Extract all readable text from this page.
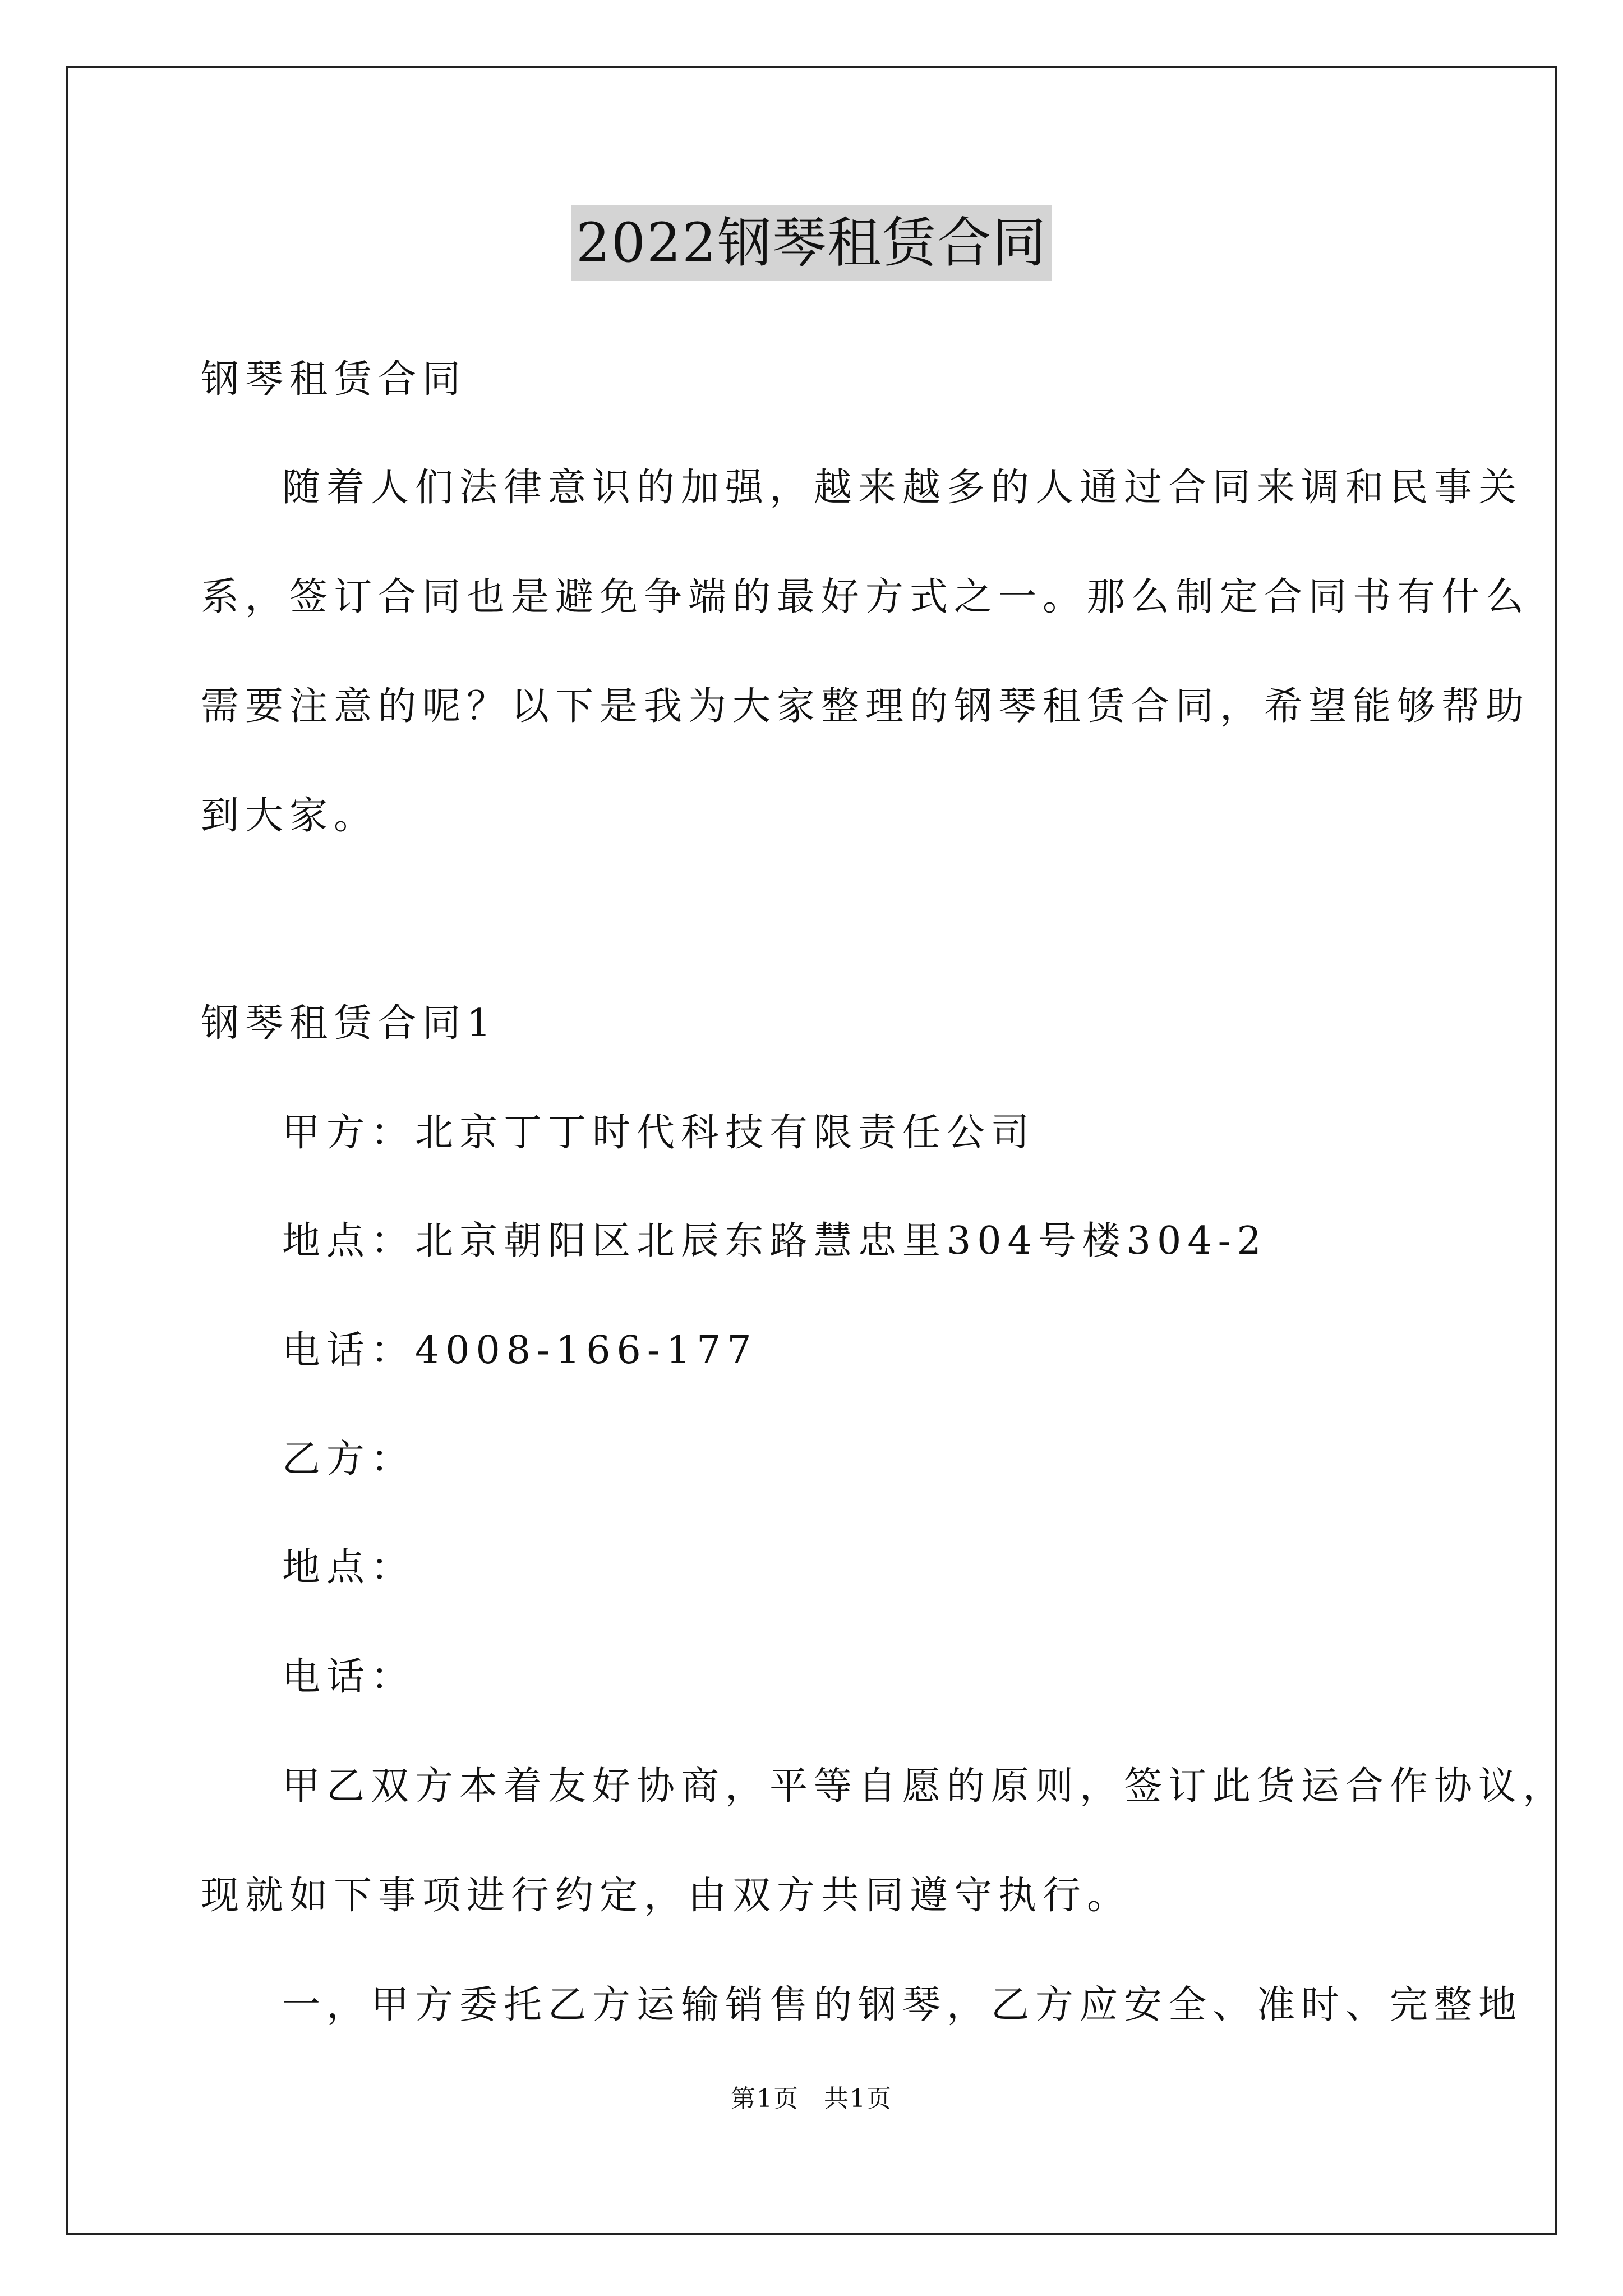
2022钢琴租赁合同
钢琴租赁合同
随着人们法律意识的加强，越来越多的人通过合同来调和民事关
系，签订合同也是避免争端的最好方式之一。那么制定合同书有什么
需要注意的呢？以下是我为大家整理的钢琴租赁合同，希望能够帮助
到大家。
钢琴租赁合同1
甲方：北京丁丁时代科技有限责任公司
地点：北京朝阳区北辰东路慧忠里304号楼304-2
电话：4008-166-177
乙方：
地点：
电话：
甲乙双方本着友好协商，平等自愿的原则，签订此货运合作协议，
现就如下事项进行约定，由双方共同遵守执行。
一，甲方委托乙方运输销售的钢琴，乙方应安全、准时、完整地
第1页 共1页
